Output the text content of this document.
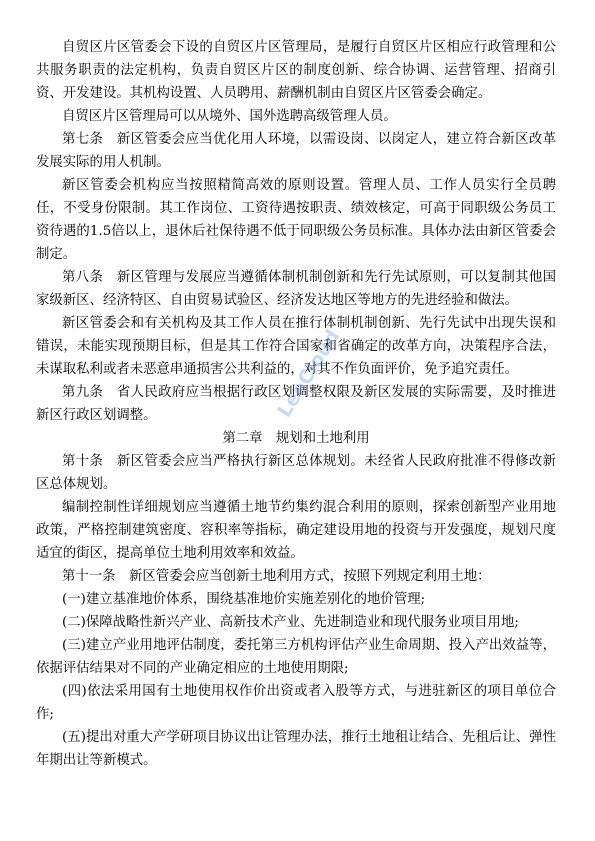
自贸区片区管委会下设的自贸区片区管理局，是履行自贸区片区相应行政管理和公共服务职责的法定机构，负责自贸区片区的制度创新、综合协调、运营管理、招商引资、开发建设。其机构设置、人员聘用、薪酬机制由自贸区片区管委会确定。

自贸区片区管理局可以从境外、国外选聘高级管理人员。

第七条　新区管委会应当优化用人环境，以需设岗、以岗定人，建立符合新区改革发展实际的用人机制。

新区管委会机构应当按照精简高效的原则设置。管理人员、工作人员实行全员聘任，不受身份限制。其工作岗位、工资待遇按职责、绩效核定，可高于同职级公务员工资待遇的1.5倍以上，退休后社保待遇不低于同职级公务员标准。具体办法由新区管委会制定。

第八条　新区管理与发展应当遵循体制机制创新和先行先试原则，可以复制其他国家级新区、经济特区、自由贸易试验区、经济发达地区等地方的先进经验和做法。

新区管委会和有关机构及其工作人员在推行体制机制创新、先行先试中出现失误和错误，未能实现预期目标，但是其工作符合国家和省确定的改革方向，决策程序合法，未谋取私利或者未恶意串通损害公共利益的，对其不作负面评价，免予追究责任。

第九条　省人民政府应当根据行政区划调整权限及新区发展的实际需要，及时推进新区行政区划调整。

第二章　规划和土地利用

第十条　新区管委会应当严格执行新区总体规划。未经省人民政府批准不得修改新区总体规划。

编制控制性详细规划应当遵循土地节约集约混合利用的原则，探索创新型产业用地政策，严格控制建筑密度、容积率等指标，确定建设用地的投资与开发强度，规划尺度适宜的街区，提高单位土地利用效率和效益。

第十一条　新区管委会应当创新土地利用方式，按照下列规定利用土地：

(一)建立基准地价体系，围绕基准地价实施差别化的地价管理;

(二)保障战略性新兴产业、高新技术产业、先进制造业和现代服务业项目用地;

(三)建立产业用地评估制度，委托第三方机构评估产业生命周期、投入产出效益等，依据评估结果对不同的产业确定相应的土地使用期限;

(四)依法采用国有土地使用权作价出资或者入股等方式，与进驻新区的项目单位合作;

(五)提出对重大产学研项目协议出让管理办法，推行土地租让结合、先租后让、弹性年期出让等新模式。

LeeCloud
